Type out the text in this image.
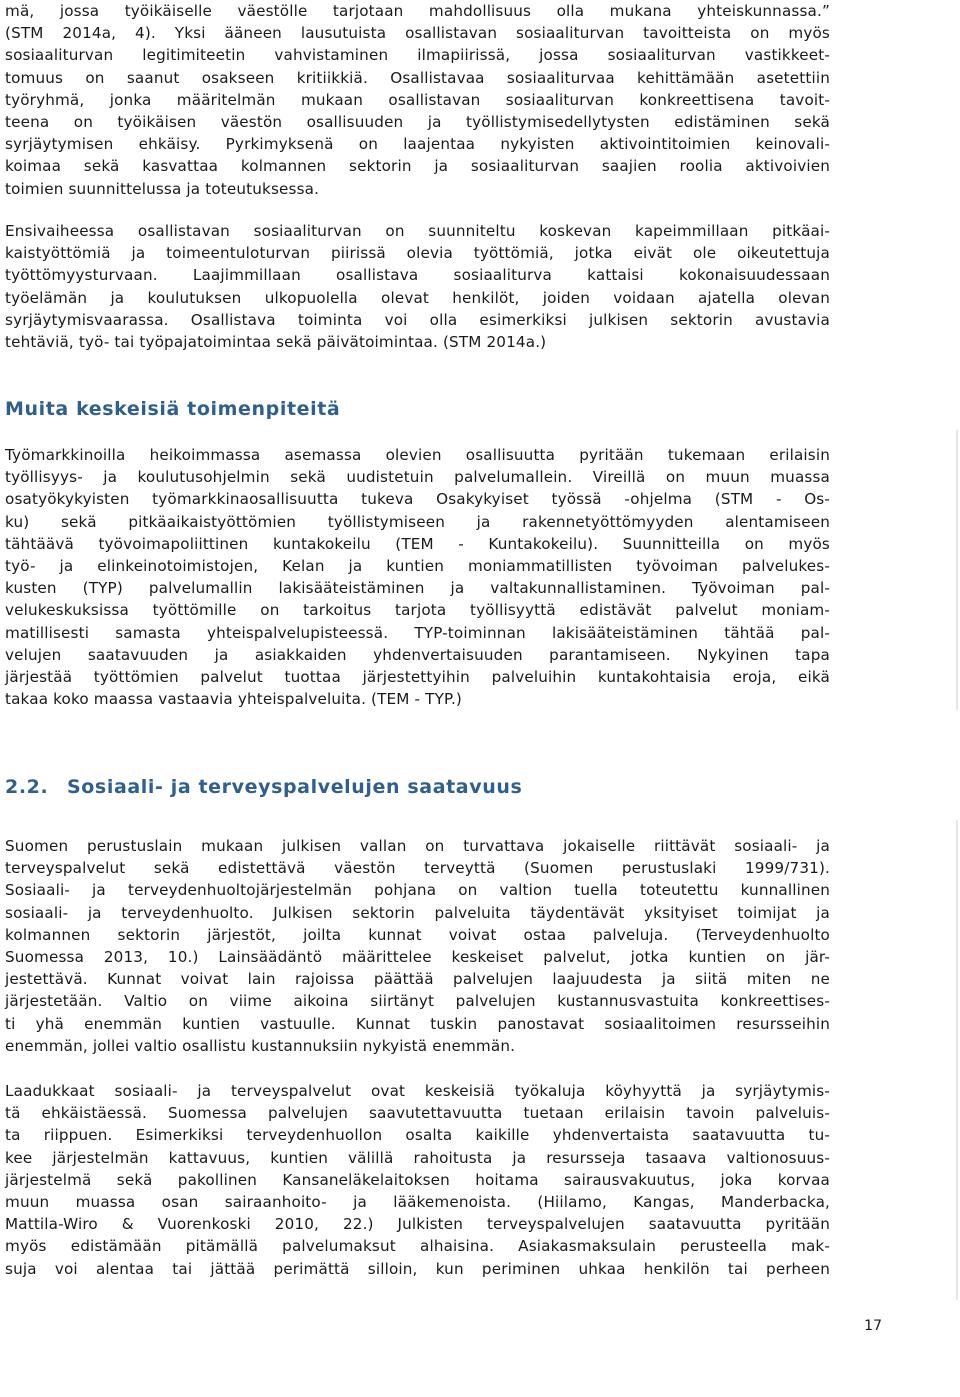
mä, jossa työikäiselle väestölle tarjotaan mahdollisuus olla mukana yhteiskunnassa.”
(STM 2014a, 4). Yksi ääneen lausutuista osallistavan sosiaaliturvan tavoitteista on myös
sosiaaliturvan legitimiteetin vahvistaminen ilmapiirissä, jossa sosiaaliturvan vastikkeet-
tomuus on saanut osakseen kritiikkiä. Osallistavaa sosiaaliturvaa kehittämään asetettiin
työryhmä, jonka määritelmän mukaan osallistavan sosiaaliturvan konkreettisena tavoit-
teena on työikäisen väestön osallisuuden ja työllistymisedellytysten edistäminen sekä
syrjäytymisen ehkäisy. Pyrkimyksenä on laajentaa nykyisten aktivointitoimien keinovali-
koimaa sekä kasvattaa kolmannen sektorin ja sosiaaliturvan saajien roolia aktivoivien
toimien suunnittelussa ja toteutuksessa.
Ensivaiheessa osallistavan sosiaaliturvan on suunniteltu koskevan kapeimmillaan pitkäai-
kaistyöttömiä ja toimeentuloturvan piirissä olevia työttömiä, jotka eivät ole oikeutettuja
työttömyysturvaan. Laajimmillaan osallistava sosiaaliturva kattaisi kokonaisuudessaan
työelämän ja koulutuksen ulkopuolella olevat henkilöt, joiden voidaan ajatella olevan
syrjäytymisvaarassa. Osallistava toiminta voi olla esimerkiksi julkisen sektorin avustavia
tehtäviä, työ- tai työpajatoimintaa sekä päivätoimintaa. (STM 2014a.)
Muita keskeisiä toimenpiteitä
Työmarkkinoilla heikoimmassa asemassa olevien osallisuutta pyritään tukemaan erilaisin
työllisyys- ja koulutusohjelmin sekä uudistetuin palvelumallein. Vireillä on muun muassa
osatyökykyisten työmarkkinaosallisuutta tukeva Osakykyiset työssä -ohjelma (STM - Os-
ku) sekä pitkäaikaistyöttömien työllistymiseen ja rakennetyöttömyyden alentamiseen
tähtäävä työvoimapoliittinen kuntakokeilu (TEM - Kuntakokeilu). Suunnitteilla on myös
työ- ja elinkeinotoimistojen, Kelan ja kuntien moniammatillisten työvoiman palvelukes-
kusten (TYP) palvelumallin lakisääteistäminen ja valtakunnallistaminen. Työvoiman pal-
velukeskuksissa työttömille on tarkoitus tarjota työllisyyttä edistävät palvelut moniam-
matillisesti samasta yhteispalvelupisteessä. TYP-toiminnan lakisääteistäminen tähtää pal-
velujen saatavuuden ja asiakkaiden yhdenvertaisuuden parantamiseen. Nykyinen tapa
järjestää työttömien palvelut tuottaa järjestettyihin palveluihin kuntakohtaisia eroja, eikä
takaa koko maassa vastaavia yhteispalveluita. (TEM - TYP.)
2.2. Sosiaali- ja terveyspalvelujen saatavuus
Suomen perustuslain mukaan julkisen vallan on turvattava jokaiselle riittävät sosiaali- ja
terveyspalvelut sekä edistettävä väestön terveyttä (Suomen perustuslaki 1999/731).
Sosiaali- ja terveydenhuoltojärjestelmän pohjana on valtion tuella toteutettu kunnallinen
sosiaali- ja terveydenhuolto. Julkisen sektorin palveluita täydentävät yksityiset toimijat ja
kolmannen sektorin järjestöt, joilta kunnat voivat ostaa palveluja. (Terveydenhuolto
Suomessa 2013, 10.) Lainsäädäntö määrittelee keskeiset palvelut, jotka kuntien on jär-
jestettävä. Kunnat voivat lain rajoissa päättää palvelujen laajuudesta ja siitä miten ne
järjestetään. Valtio on viime aikoina siirtänyt palvelujen kustannusvastuita konkreettises-
ti yhä enemmän kuntien vastuulle. Kunnat tuskin panostavat sosiaalitoimen resursseihin
enemmän, jollei valtio osallistu kustannuksiin nykyistä enemmän.
Laadukkaat sosiaali- ja terveyspalvelut ovat keskeisiä työkaluja köyhyyttä ja syrjäytymis-
tä ehkäistäessä. Suomessa palvelujen saavutettavuutta tuetaan erilaisin tavoin palveluis-
ta riippuen. Esimerkiksi terveydenhuollon osalta kaikille yhdenvertaista saatavuutta tu-
kee järjestelmän kattavuus, kuntien välillä rahoitusta ja resursseja tasaava valtionosuus-
järjestelmä sekä pakollinen Kansaneläkelaitoksen hoitama sairausvakuutus, joka korvaa
muun muassa osan sairaanhoito- ja lääkemenoista. (Hiilamo, Kangas, Manderbacka,
Mattila-Wiro & Vuorenkoski 2010, 22.) Julkisten terveyspalvelujen saatavuutta pyritään
myös edistämään pitämällä palvelumaksut alhaisina. Asiakasmaksulain perusteella mak-
suja voi alentaa tai jättää perimättä silloin, kun periminen uhkaa henkilön tai perheen
17
